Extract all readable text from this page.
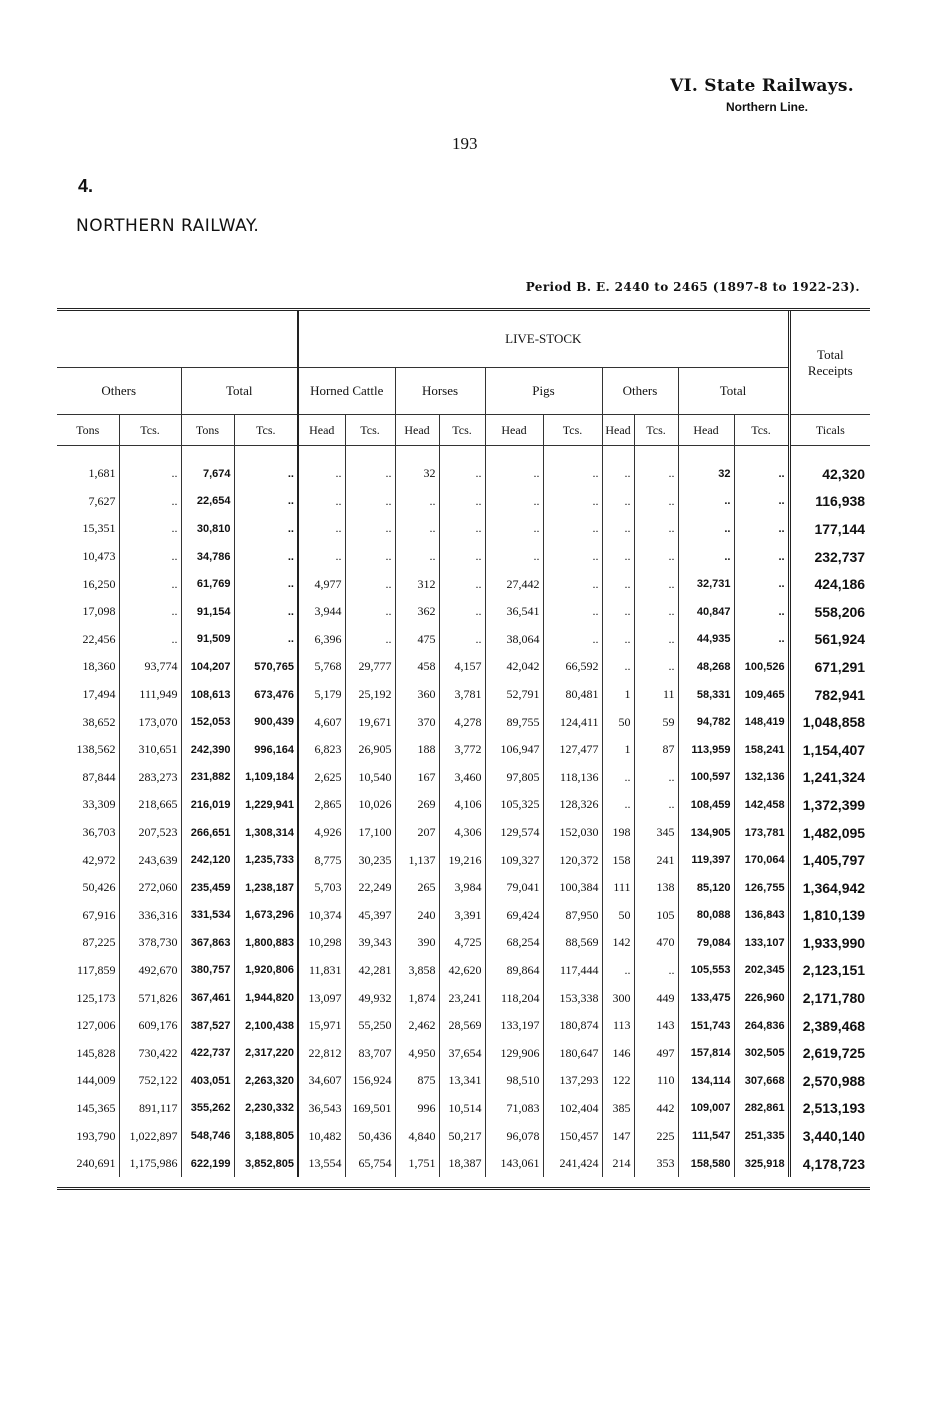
VI. State Railways.
Northern Line.
193
4.
NORTHERN RAILWAY.
Period B. E. 2440 to 2465 (1897-8 to 1922-23).
				LIVE-STOCK										Total Receipts
Others		Total		Horned Cattle		Horses		Pigs		Others		Total		
Tons	Tcs.	Tons	Tcs.	Head	Tcs.	Head	Tcs.	Head	Tcs.	Head	Tcs.	Head	Tcs.	Ticals

1,681	..	7,674	..	..	..	32	..	..	..	..	..	32	..	42,320
7,627	..	22,654	..	..	..	..	..	..	..	..	..	..	..	116,938
15,351	..	30,810	..	..	..	..	..	..	..	..	..	..	..	177,144
10,473	..	34,786	..	..	..	..	..	..	..	..	..	..	..	232,737
16,250	..	61,769	..	4,977	..	312	..	27,442	..	..	..	32,731	..	424,186
17,098	..	91,154	..	3,944	..	362	..	36,541	..	..	..	40,847	..	558,206
22,456	..	91,509	..	6,396	..	475	..	38,064	..	..	..	44,935	..	561,924
18,360	93,774	104,207	570,765	5,768	29,777	458	4,157	42,042	66,592	..	..	48,268	100,526	671,291
17,494	111,949	108,613	673,476	5,179	25,192	360	3,781	52,791	80,481	1	11	58,331	109,465	782,941
38,652	173,070	152,053	900,439	4,607	19,671	370	4,278	89,755	124,411	50	59	94,782	148,419	1,048,858
138,562	310,651	242,390	996,164	6,823	26,905	188	3,772	106,947	127,477	1	87	113,959	158,241	1,154,407
87,844	283,273	231,882	1,109,184	2,625	10,540	167	3,460	97,805	118,136	..	..	100,597	132,136	1,241,324
33,309	218,665	216,019	1,229,941	2,865	10,026	269	4,106	105,325	128,326	..	..	108,459	142,458	1,372,399
36,703	207,523	266,651	1,308,314	4,926	17,100	207	4,306	129,574	152,030	198	345	134,905	173,781	1,482,095
42,972	243,639	242,120	1,235,733	8,775	30,235	1,137	19,216	109,327	120,372	158	241	119,397	170,064	1,405,797
50,426	272,060	235,459	1,238,187	5,703	22,249	265	3,984	79,041	100,384	111	138	85,120	126,755	1,364,942
67,916	336,316	331,534	1,673,296	10,374	45,397	240	3,391	69,424	87,950	50	105	80,088	136,843	1,810,139
87,225	378,730	367,863	1,800,883	10,298	39,343	390	4,725	68,254	88,569	142	470	79,084	133,107	1,933,990
117,859	492,670	380,757	1,920,806	11,831	42,281	3,858	42,620	89,864	117,444	..	..	105,553	202,345	2,123,151
125,173	571,826	367,461	1,944,820	13,097	49,932	1,874	23,241	118,204	153,338	300	449	133,475	226,960	2,171,780
127,006	609,176	387,527	2,100,438	15,971	55,250	2,462	28,569	133,197	180,874	113	143	151,743	264,836	2,389,468
145,828	730,422	422,737	2,317,220	22,812	83,707	4,950	37,654	129,906	180,647	146	497	157,814	302,505	2,619,725
144,009	752,122	403,051	2,263,320	34,607	156,924	875	13,341	98,510	137,293	122	110	134,114	307,668	2,570,988
145,365	891,117	355,262	2,230,332	36,543	169,501	996	10,514	71,083	102,404	385	442	109,007	282,861	2,513,193
193,790	1,022,897	548,746	3,188,805	10,482	50,436	4,840	50,217	96,078	150,457	147	225	111,547	251,335	3,440,140
240,691	1,175,986	622,199	3,852,805	13,554	65,754	1,751	18,387	143,061	241,424	214	353	158,580	325,918	4,178,723
